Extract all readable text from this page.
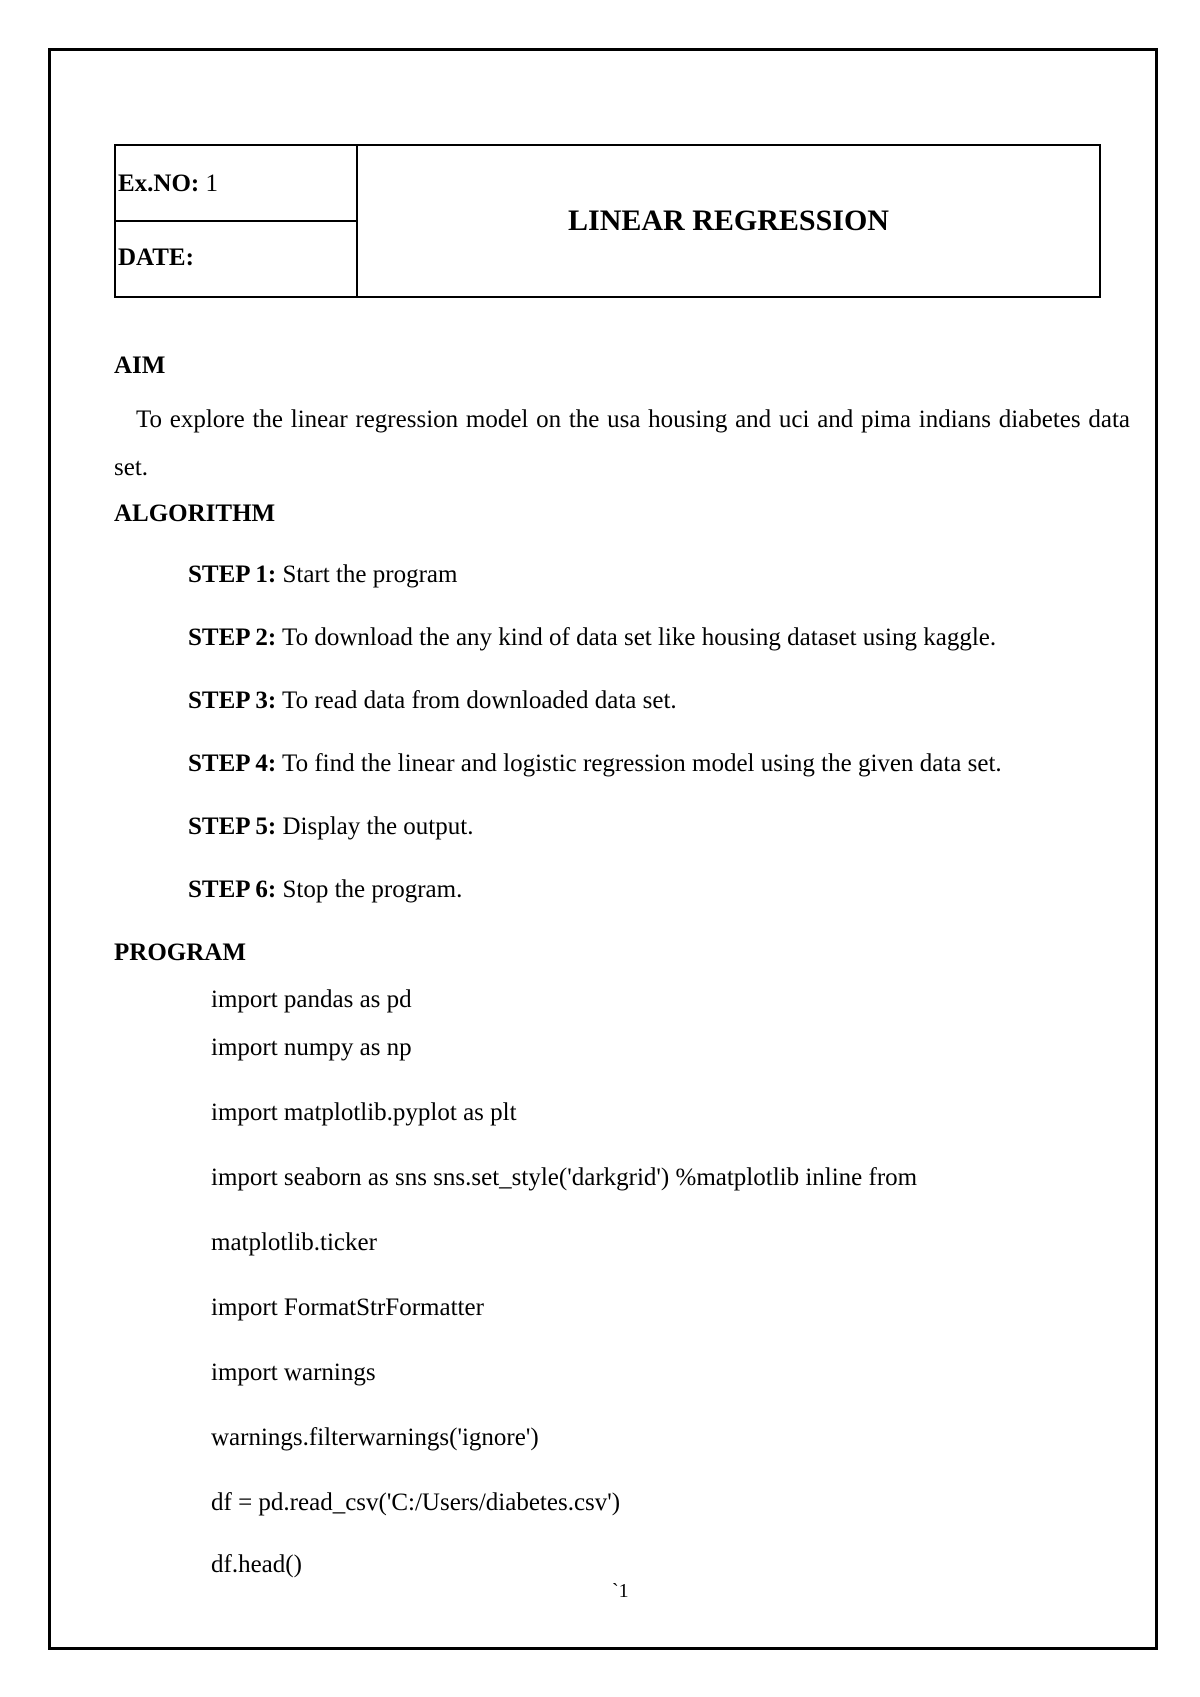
Ex.NO: 1
DATE:
LINEAR REGRESSION
AIM
To explore the linear regression model on the usa housing and uci and pima indians diabetes data set.
ALGORITHM
STEP 1: Start the program
STEP 2: To download the any kind of data set like housing dataset using kaggle.
STEP 3: To read data from downloaded data set.
STEP 4: To find the linear and logistic regression model using the given data set.
STEP 5: Display the output.
STEP 6: Stop the program.
PROGRAM
import pandas as pd
import numpy as np
import matplotlib.pyplot as plt
import seaborn as sns sns.set_style('darkgrid') %matplotlib inline from
matplotlib.ticker
import FormatStrFormatter
import warnings
warnings.filterwarnings('ignore')
df = pd.read_csv('C:/Users/diabetes.csv')
df.head()
`1
